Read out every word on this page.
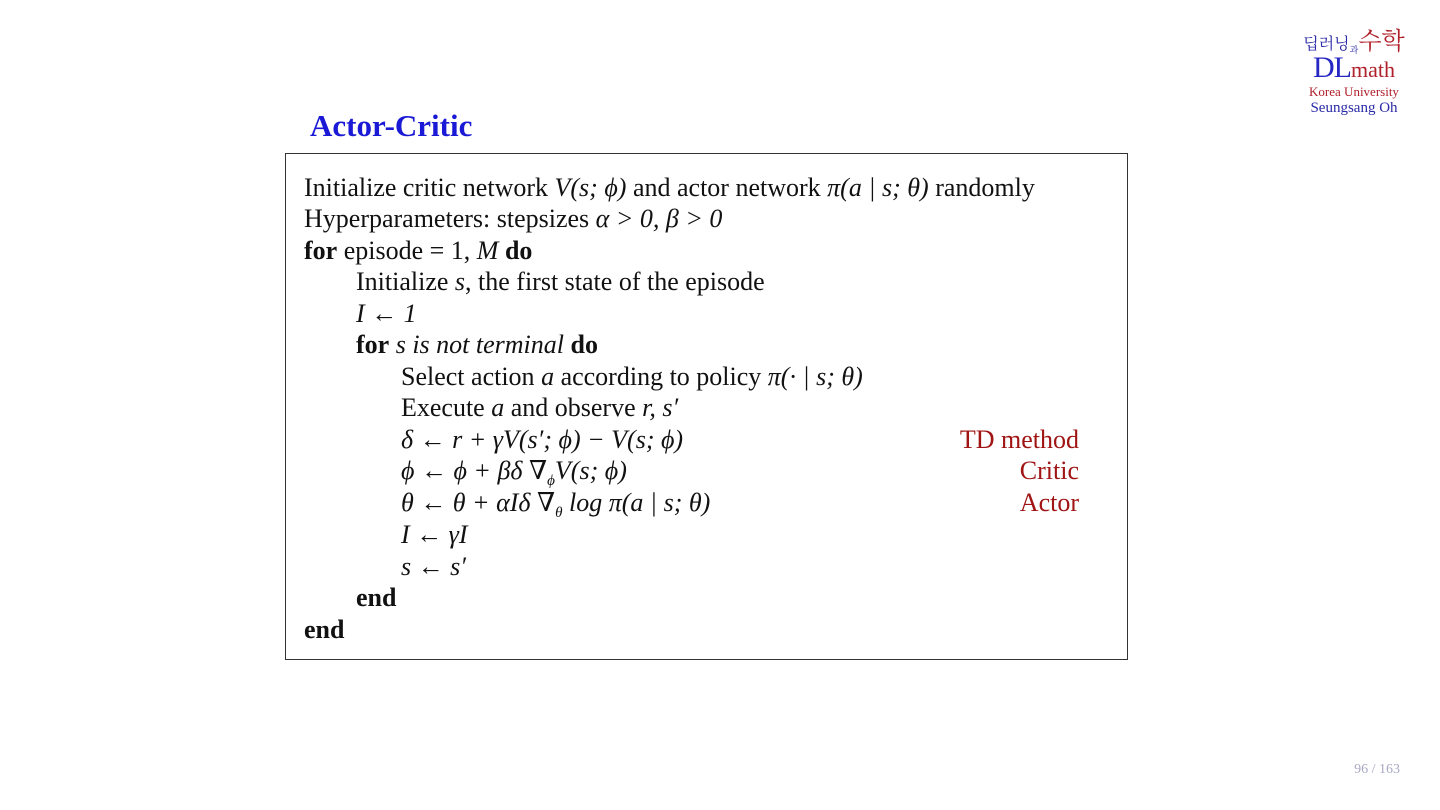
딥러닝$_과$수학
DLmath
Korea University
Seungsang Oh
Actor-Critic
Initialize critic network V(s; ϕ) and actor network π(a | s; θ) randomly
Hyperparameters: stepsizes α > 0, β > 0
for episode = 1, M do
Initialize s, the first state of the episode
I ← 1
for s is not terminal do
Select action a according to policy π(· | s; θ)
Execute a and observe r, s′
δ ← r + γV(s′; ϕ) − V(s; ϕ)	TD method
ϕ ← ϕ + βδ $\nabla_\phi V(s$; ϕ)	Critic
θ ← θ + αIδ $\nabla_\theta$ log π(a | s; θ)	Actor
I ← γI
s ← s′
end
end
96 / 163
